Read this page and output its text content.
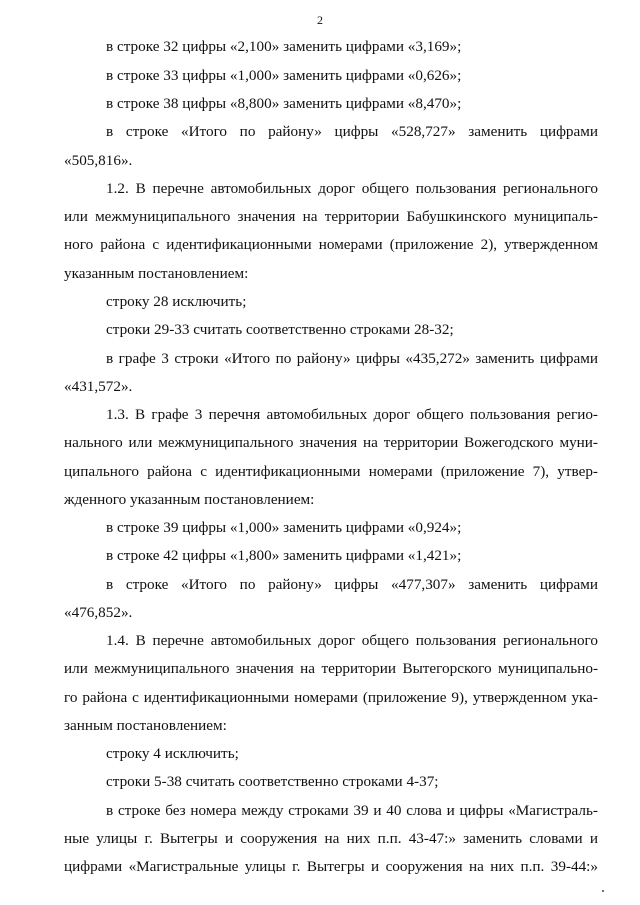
2
в строке 32 цифры «2,100» заменить цифрами «3,169»;
в строке 33 цифры «1,000» заменить цифрами «0,626»;
в строке 38 цифры «8,800» заменить цифрами «8,470»;
в строке «Итого по району» цифры «528,727» заменить цифрами
«505,816».
1.2. В перечне автомобильных дорог общего пользования регионального
или межмуниципального значения на территории Бабушкинского муниципаль-
ного района с идентификационными номерами (приложение 2), утвержденном
указанным постановлением:
строку 28 исключить;
строки 29-33 считать соответственно строками 28-32;
в графе 3 строки «Итого по району» цифры «435,272» заменить цифрами
«431,572».
1.3. В графе 3 перечня автомобильных дорог общего пользования регио-
нального или межмуниципального значения на территории Вожегодского муни-
ципального района с идентификационными номерами (приложение 7), утвер-
жденного указанным постановлением:
в строке 39 цифры «1,000» заменить цифрами «0,924»;
в строке 42 цифры «1,800» заменить цифрами «1,421»;
в строке «Итого по району» цифры «477,307» заменить цифрами
«476,852».
1.4. В перечне автомобильных дорог общего пользования регионального
или межмуниципального значения на территории Вытегорского муниципально-
го района с идентификационными номерами (приложение 9), утвержденном ука-
занным постановлением:
строку 4 исключить;
строки 5-38 считать соответственно строками 4-37;
в строке без номера между строками 39 и 40 слова и цифры «Магистраль-
ные улицы г. Вытегры и сооружения на них п.п. 43-47:» заменить словами и
цифрами «Магистральные улицы г. Вытегры и сооружения на них п.п. 39-44:»
